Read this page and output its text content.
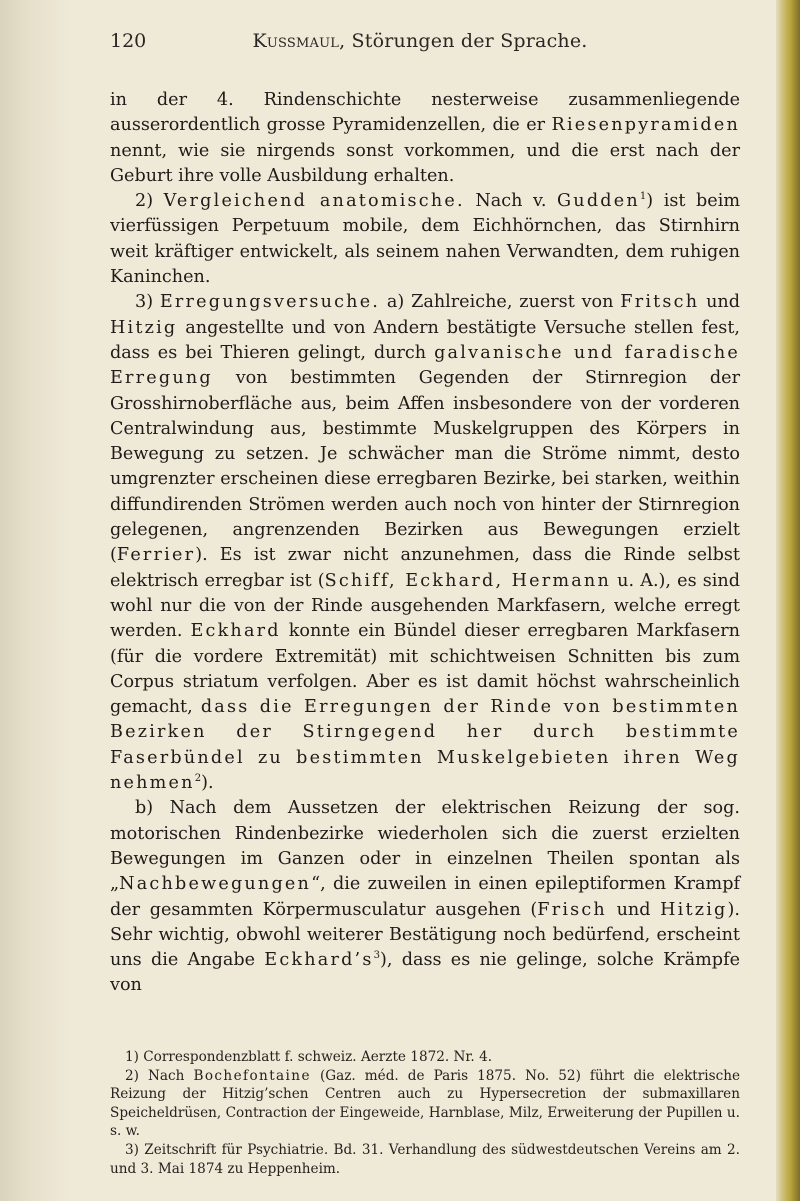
120	Kussmaul, Störungen der Sprache.

in der 4. Rindenschichte nesterweise zusammenliegende ausserordentlich grosse Pyramidenzellen, die er Riesenpyramiden nennt, wie sie nirgends sonst vorkommen, und die erst nach der Geburt ihre volle Ausbildung erhalten.

2) Vergleichend anatomische. Nach v. Gudden$^1$) ist beim vierfüssigen Perpetuum mobile, dem Eichhörnchen, das Stirnhirn weit kräftiger entwickelt, als seinem nahen Verwandten, dem ruhigen Kaninchen.

3) Erregungsversuche. a) Zahlreiche, zuerst von Fritsch und Hitzig angestellte und von Andern bestätigte Versuche stellen fest, dass es bei Thieren gelingt, durch galvanische und faradische Erregung von bestimmten Gegenden der Stirnregion der Grosshirnoberfläche aus, beim Affen insbesondere von der vorderen Centralwindung aus, bestimmte Muskelgruppen des Körpers in Bewegung zu setzen. Je schwächer man die Ströme nimmt, desto umgrenzter erscheinen diese erregbaren Bezirke, bei starken, weithin diffundirenden Strömen werden auch noch von hinter der Stirnregion gelegenen, angrenzenden Bezirken aus Bewegungen erzielt (Ferrier). Es ist zwar nicht anzunehmen, dass die Rinde selbst elektrisch erregbar ist (Schiff, Eckhard, Hermann u. A.), es sind wohl nur die von der Rinde ausgehenden Markfasern, welche erregt werden. Eckhard konnte ein Bündel dieser erregbaren Markfasern (für die vordere Extremität) mit schichtweisen Schnitten bis zum Corpus striatum verfolgen. Aber es ist damit höchst wahrscheinlich gemacht, dass die Erregungen der Rinde von bestimmten Bezirken der Stirngegend her durch bestimmte Faserbündel zu bestimmten Muskelgebieten ihren Weg nehmen$^2$).

b) Nach dem Aussetzen der elektrischen Reizung der sog. motorischen Rindenbezirke wiederholen sich die zuerst erzielten Bewegungen im Ganzen oder in einzelnen Theilen spontan als „Nachbewegungen“, die zuweilen in einen epileptiformen Krampf der gesammten Körpermusculatur ausgehen (Frisch und Hitzig). Sehr wichtig, obwohl weiterer Bestätigung noch bedürfend, erscheint uns die Angabe $Eckhard’s^3$), dass es nie gelinge, solche Krämpfe von

1) Correspondenzblatt f. schweiz. Aerzte 1872. Nr. 4.

2) Nach Bochefontaine (Gaz. méd. de Paris 1875. No. 52) führt die elektrische Reizung der Hitzig’schen Centren auch zu Hypersecretion der submaxillaren Speicheldrüsen, Contraction der Eingeweide, Harnblase, Milz, Erweiterung der Pupillen u. s. w.

3) Zeitschrift für Psychiatrie. Bd. 31. Verhandlung des südwestdeutschen Vereins am 2. und 3. Mai 1874 zu Heppenheim.
